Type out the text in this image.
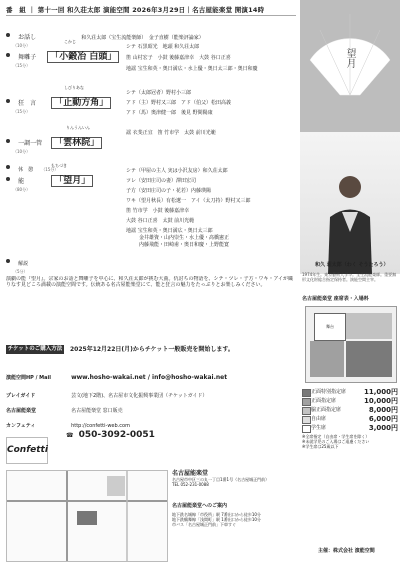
番　組 ｜ 第十一回 和久荘太郎 演能空間 2026年3月29日｜名古屋能楽堂 開演14時
望月
お話し	和久荘太郎（宝生流能楽師）　金子直樹（能楽評論家）
（10分）
舞囃子
こかじ
「小鍛冶 白頭」
（15分）
シテ 石黒昭光　地頭 和久荘太郎
笛 山村宏子　小鼓 後藤嘉津幸　大鼓 谷口正喜
地謡 宝生和英・奥日満広・水上優・奥日太三郎・奥日和慶
狂　言
しびりあな
「止動方角」
（15分）
シテ（太郎冠者）野村小三郎
アド（主）野村又三郎　アド（伯父）松田高義
アド（馬）奥津健一郎　後見 野間陽康
一調一管
りんうんいん
「雲林院」
（10分）
謡 衣斐正宜　笛 竹市学　太鼓 前川光範
休　憩 （15分）
能
もちづき
「望月」
（80分）
シテ（甲屋の主人 実は小沢友房）和久荘太郎
ツレ（安田庄司の妻）澤田宏司
子方（安田庄司の子・花若）内藤瑛陽
ワキ（望月秋長）有松遼一　アイ（太刀持）野村又三郎
笛 竹市学　小鼓 後藤嘉津幸
大鼓 谷口正喜　太鼓 前川光範
地謡 宝生和英・奥日満広・奥日太三郎
金井雄資・山内崇生・水上優・髙橋憲正
内藤飛能・田崎甫・奥日和慶・上野能寛
解説
（5分）
和久 荘太郎（わく そうたろう）
1974年生。東京藝術大学卒。宝生流能楽師。重要無形文化財総合指定保持者。演能空間主宰。
演劇の能『望月』。宗家のお話と舞囃子を中心に、和久荘太郎が挑む大曲。仇討ちの物語を、シテ・ツレ・子方・ワキ・アイが織りなす見どころ満載の演能空間です。伝統ある名古屋能楽堂にて、能と狂言の魅力をたっぷりとお楽しみください。
名古屋能楽堂 座席表・入場料
舞台
正面特別指定席	11,000円
正面指定席	10,000円
脇正面指定席	8,000円
自由席	6,000円
学生席	3,000円
※全席指定（自由席・学生席を除く）
※未就学児のご入場はご遠慮ください
※学生席は25歳以下
チケットのご購入方法 2025年12月22日(月)からチケット一般販売を開始します。
演能空間HP / Mail	www.hosho-wakai.net / info@hosho-wakai.net
プレイガイド	芸文(地下2階)、名古屋市文化振興事業団（チケットガイド）
名古屋能楽堂	名古屋能楽堂 窓口販売
カンフェティ	http://confetti-web.com
☎ 050-3092-0051
Confetti
名古屋能楽堂
名古屋市中区三の丸一丁目1番1号（名古屋城正門前）
TEL 052-231-0088
名古屋能楽堂へのご案内
地下鉄名城線「市役所」駅 7番出口から徒歩10分
地下鉄鶴舞線「浅間町」駅 1番出口から徒歩10分
市バス「名古屋城正門前」下車すぐ
主催：株式会社 演能空間
